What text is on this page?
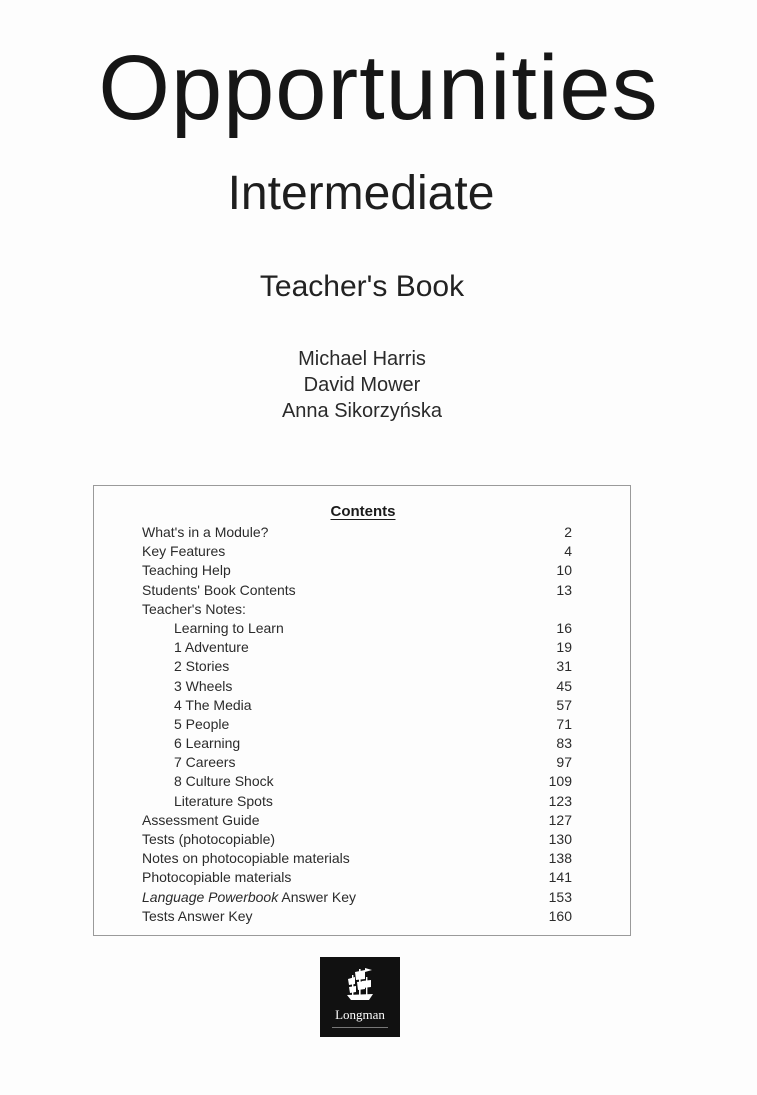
Opportunities
Intermediate
Teacher's Book
Michael Harris
David Mower
Anna Sikorzyńska
Contents
What's in a Module?	2
Key Features	4
Teaching Help	10
Students' Book Contents	13
Teacher's Notes:
Learning to Learn	16
1 Adventure	19
2 Stories	31
3 Wheels	45
4 The Media	57
5 People	71
6 Learning	83
7 Careers	97
8 Culture Shock	109
Literature Spots	123
Assessment Guide	127
Tests (photocopiable)	130
Notes on photocopiable materials	138
Photocopiable materials	141
Language Powerbook Answer Key	153
Tests Answer Key	160
Longman
